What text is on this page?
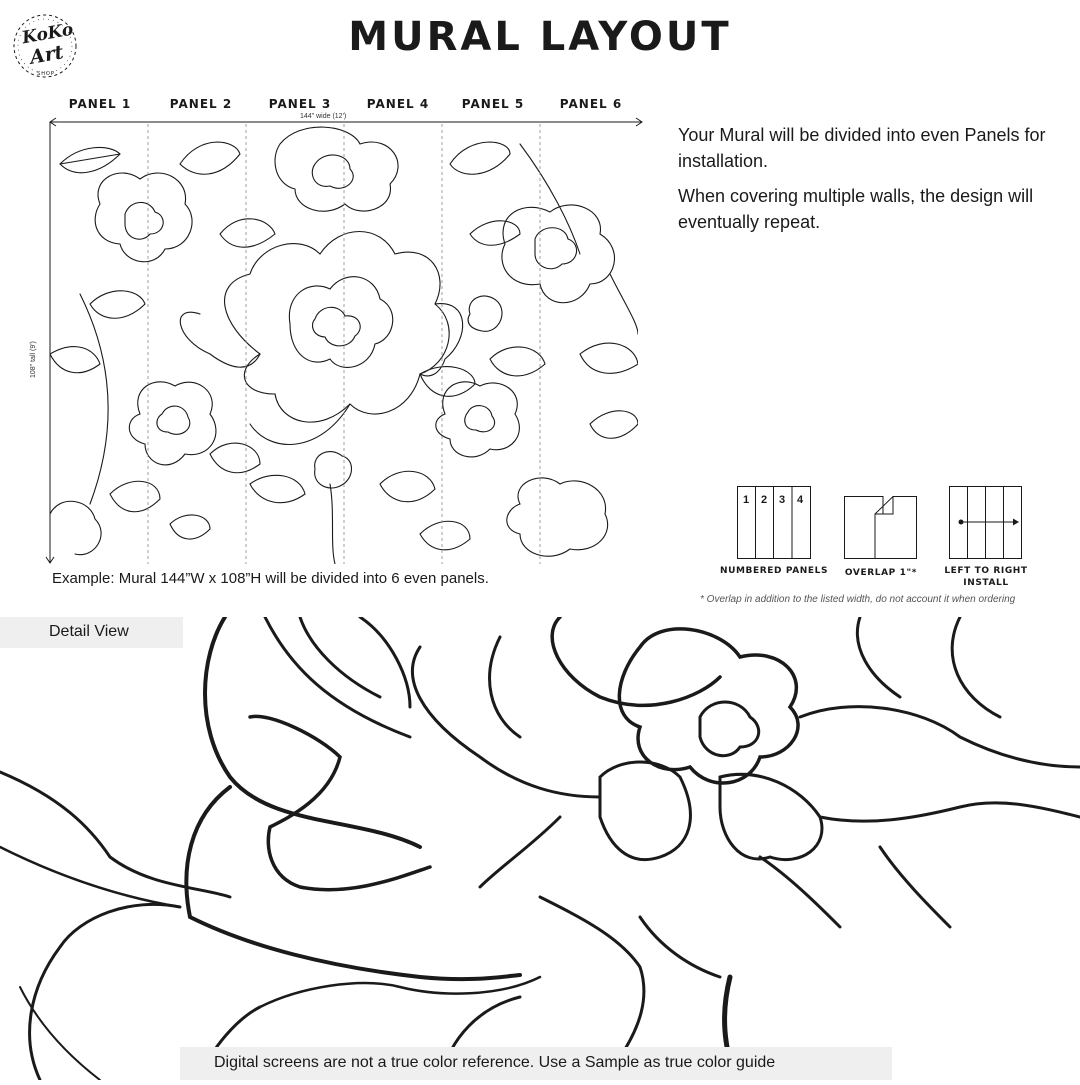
KoKo
Art
SHOP
MURAL LAYOUT
PANEL 1	PANEL 2	PANEL 3	PANEL 4	PANEL 5	PANEL 6
144" wide (12')
108" tall (9')
Example: Mural 144”W x 108”H will be divided into 6 even panels.
Your Mural will be divided into even Panels for installation.
When covering multiple walls, the design will eventually repeat.
1 2 3 4
NUMBERED PANELS	OVERLAP 1"*	LEFT TO RIGHT
INSTALL
* Overlap in addition to the listed width, do not account it when ordering
Detail View
Digital screens are not a true color reference. Use a Sample as true color guide
